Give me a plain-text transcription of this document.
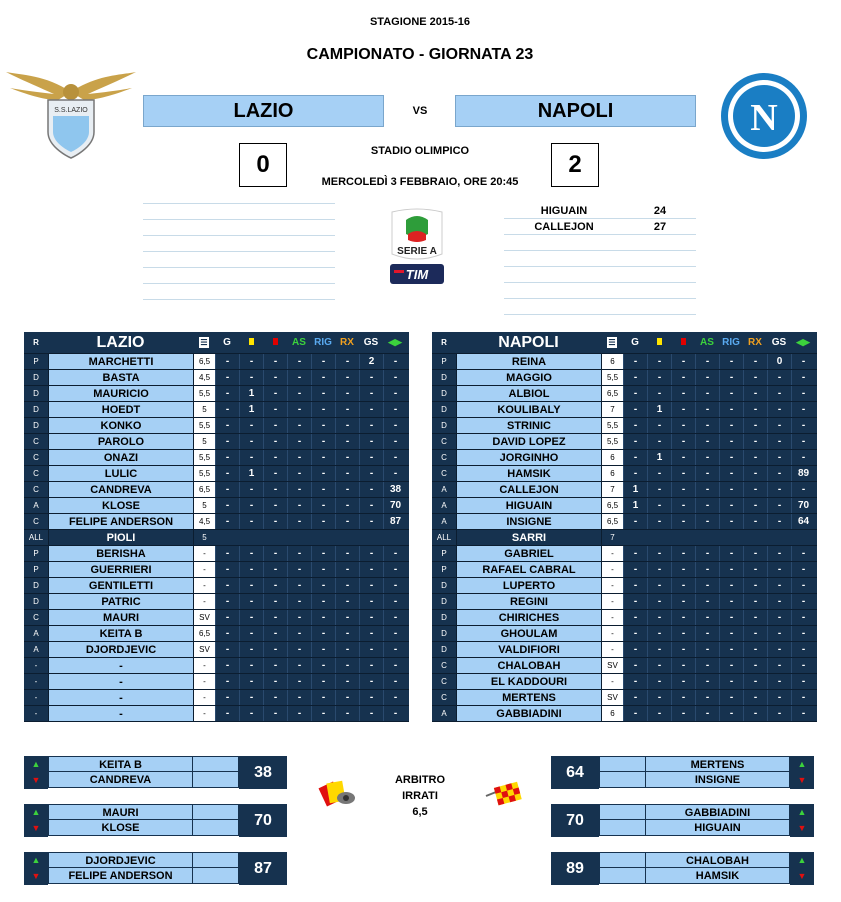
STAGIONE 2015-16
CAMPIONATO - GIORNATA 23
S.S.LAZIO	N
LAZIO	VS	NAPOLI
0	2
STADIO OLIMPICO
MERCOLEDÌ 3 FEBBRAIO, ORE 20:45
SERIE A
TIM
HIGUAIN	24
CALLEJON	27
R	LAZIO	☰	G	AS RIG RX GS	◀▶
P	MARCHETTI	6,5	-	-	-	-	-	-	2	-
D	BASTA	4,5	-	-	-	-	-	-	-	-
D	MAURICIO	5,5	-	1	-	-	-	-	-	-
D	HOEDT	5	-	1	-	-	-	-	-	-
D	KONKO	5,5	-	-	-	-	-	-	-	-
C	PAROLO	5	-	-	-	-	-	-	-	-
C	ONAZI	5,5	-	-	-	-	-	-	-	-
C	LULIC	5,5	-	1	-	-	-	-	-	-
C	CANDREVA	6,5	-	-	-	-	-	-	-	38
A	KLOSE	5	-	-	-	-	-	-	-	70
C	FELIPE ANDERSON	4,5	-	-	-	-	-	-	-	87
ALL	PIOLI	5
P	BERISHA	-	-	-	-	-	-	-	-	-
P	GUERRIERI	-	-	-	-	-	-	-	-	-
D	GENTILETTI	-	-	-	-	-	-	-	-	-
D	PATRIC	-	-	-	-	-	-	-	-	-
C	MAURI	SV	-	-	-	-	-	-	-	-
A	KEITA B	6,5	-	-	-	-	-	-	-	-
A	DJORDJEVIC	SV	-	-	-	-	-	-	-	-
-	-	-	-	-	-	-	-	-	-	-
-	-	-	-	-	-	-	-	-	-	-
-	-	-	-	-	-	-	-	-	-	-
-	-	-	-	-	-	-	-	-	-	-
R	NAPOLI	☰	G	AS RIG RX GS	◀▶
P	REINA	6	-	-	-	-	-	-	0	-
D	MAGGIO	5,5	-	-	-	-	-	-	-	-
D	ALBIOL	6,5	-	-	-	-	-	-	-	-
D	KOULIBALY	7	-	1	-	-	-	-	-	-
D	STRINIC	5,5	-	-	-	-	-	-	-	-
C	DAVID LOPEZ	5,5	-	-	-	-	-	-	-	-
C	JORGINHO	6	-	1	-	-	-	-	-	-
C	HAMSIK	6	-	-	-	-	-	-	-	89
A	CALLEJON	7	1	-	-	-	-	-	-	-
A	HIGUAIN	6,5	1	-	-	-	-	-	-	70
A	INSIGNE	6,5	-	-	-	-	-	-	-	64
ALL	SARRI	7
P	GABRIEL	-	-	-	-	-	-	-	-	-
P	RAFAEL CABRAL	-	-	-	-	-	-	-	-	-
D	LUPERTO	-	-	-	-	-	-	-	-	-
D	REGINI	-	-	-	-	-	-	-	-	-
D	CHIRICHES	-	-	-	-	-	-	-	-	-
D	GHOULAM	-	-	-	-	-	-	-	-	-
D	VALDIFIORI	-	-	-	-	-	-	-	-	-
C	CHALOBAH	SV	-	-	-	-	-	-	-	-
C	EL KADDOURI	-	-	-	-	-	-	-	-	-
C	MERTENS	SV	-	-	-	-	-	-	-	-
A	GABBIADINI	6	-	-	-	-	-	-	-	-
▲
▼
KEITA B
CANDREVA	38
▲
▼
MAURI
KLOSE	70
▲
▼
DJORDJEVIC
FELIPE ANDERSON	87
64	MERTENS
INSIGNE
▲
▼
70	GABBIADINI
HIGUAIN
▲
▼
89	CHALOBAH
HAMSIK
▲
▼
ARBITRO
IRRATI
6,5
